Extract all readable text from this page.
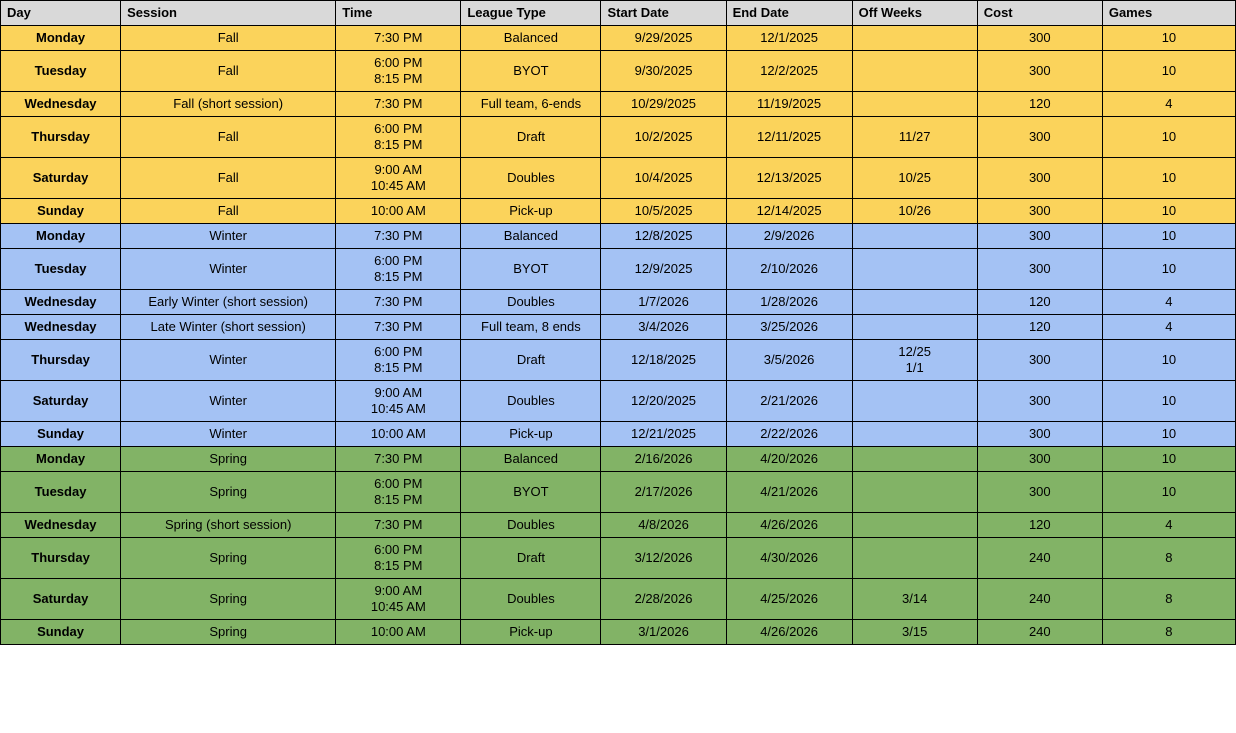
Day	Session	Time	League Type	Start Date	End Date	Off Weeks	Cost	Games
Monday	Fall	7:30 PM	Balanced	9/29/2025	12/1/2025		300	10
Tuesday	Fall	6:00 PM
8:15 PM	BYOT	9/30/2025	12/2/2025		300	10
Wednesday	Fall (short session)	7:30 PM	Full team, 6-ends	10/29/2025	11/19/2025		120	4
Thursday	Fall	6:00 PM
8:15 PM	Draft	10/2/2025	12/11/2025	11/27	300	10
Saturday	Fall	9:00 AM
10:45 AM	Doubles	10/4/2025	12/13/2025	10/25	300	10
Sunday	Fall	10:00 AM	Pick-up	10/5/2025	12/14/2025	10/26	300	10
Monday	Winter	7:30 PM	Balanced	12/8/2025	2/9/2026		300	10
Tuesday	Winter	6:00 PM
8:15 PM	BYOT	12/9/2025	2/10/2026		300	10
Wednesday	Early Winter (short session)	7:30 PM	Doubles	1/7/2026	1/28/2026		120	4
Wednesday	Late Winter (short session)	7:30 PM	Full team, 8 ends	3/4/2026	3/25/2026		120	4
Thursday	Winter	6:00 PM
8:15 PM	Draft	12/18/2025	3/5/2026	12/25
1/1	300	10
Saturday	Winter	9:00 AM
10:45 AM	Doubles	12/20/2025	2/21/2026		300	10
Sunday	Winter	10:00 AM	Pick-up	12/21/2025	2/22/2026		300	10
Monday	Spring	7:30 PM	Balanced	2/16/2026	4/20/2026		300	10
Tuesday	Spring	6:00 PM
8:15 PM	BYOT	2/17/2026	4/21/2026		300	10
Wednesday	Spring (short session)	7:30 PM	Doubles	4/8/2026	4/26/2026		120	4
Thursday	Spring	6:00 PM
8:15 PM	Draft	3/12/2026	4/30/2026		240	8
Saturday	Spring	9:00 AM
10:45 AM	Doubles	2/28/2026	4/25/2026	3/14	240	8
Sunday	Spring	10:00 AM	Pick-up	3/1/2026	4/26/2026	3/15	240	8
